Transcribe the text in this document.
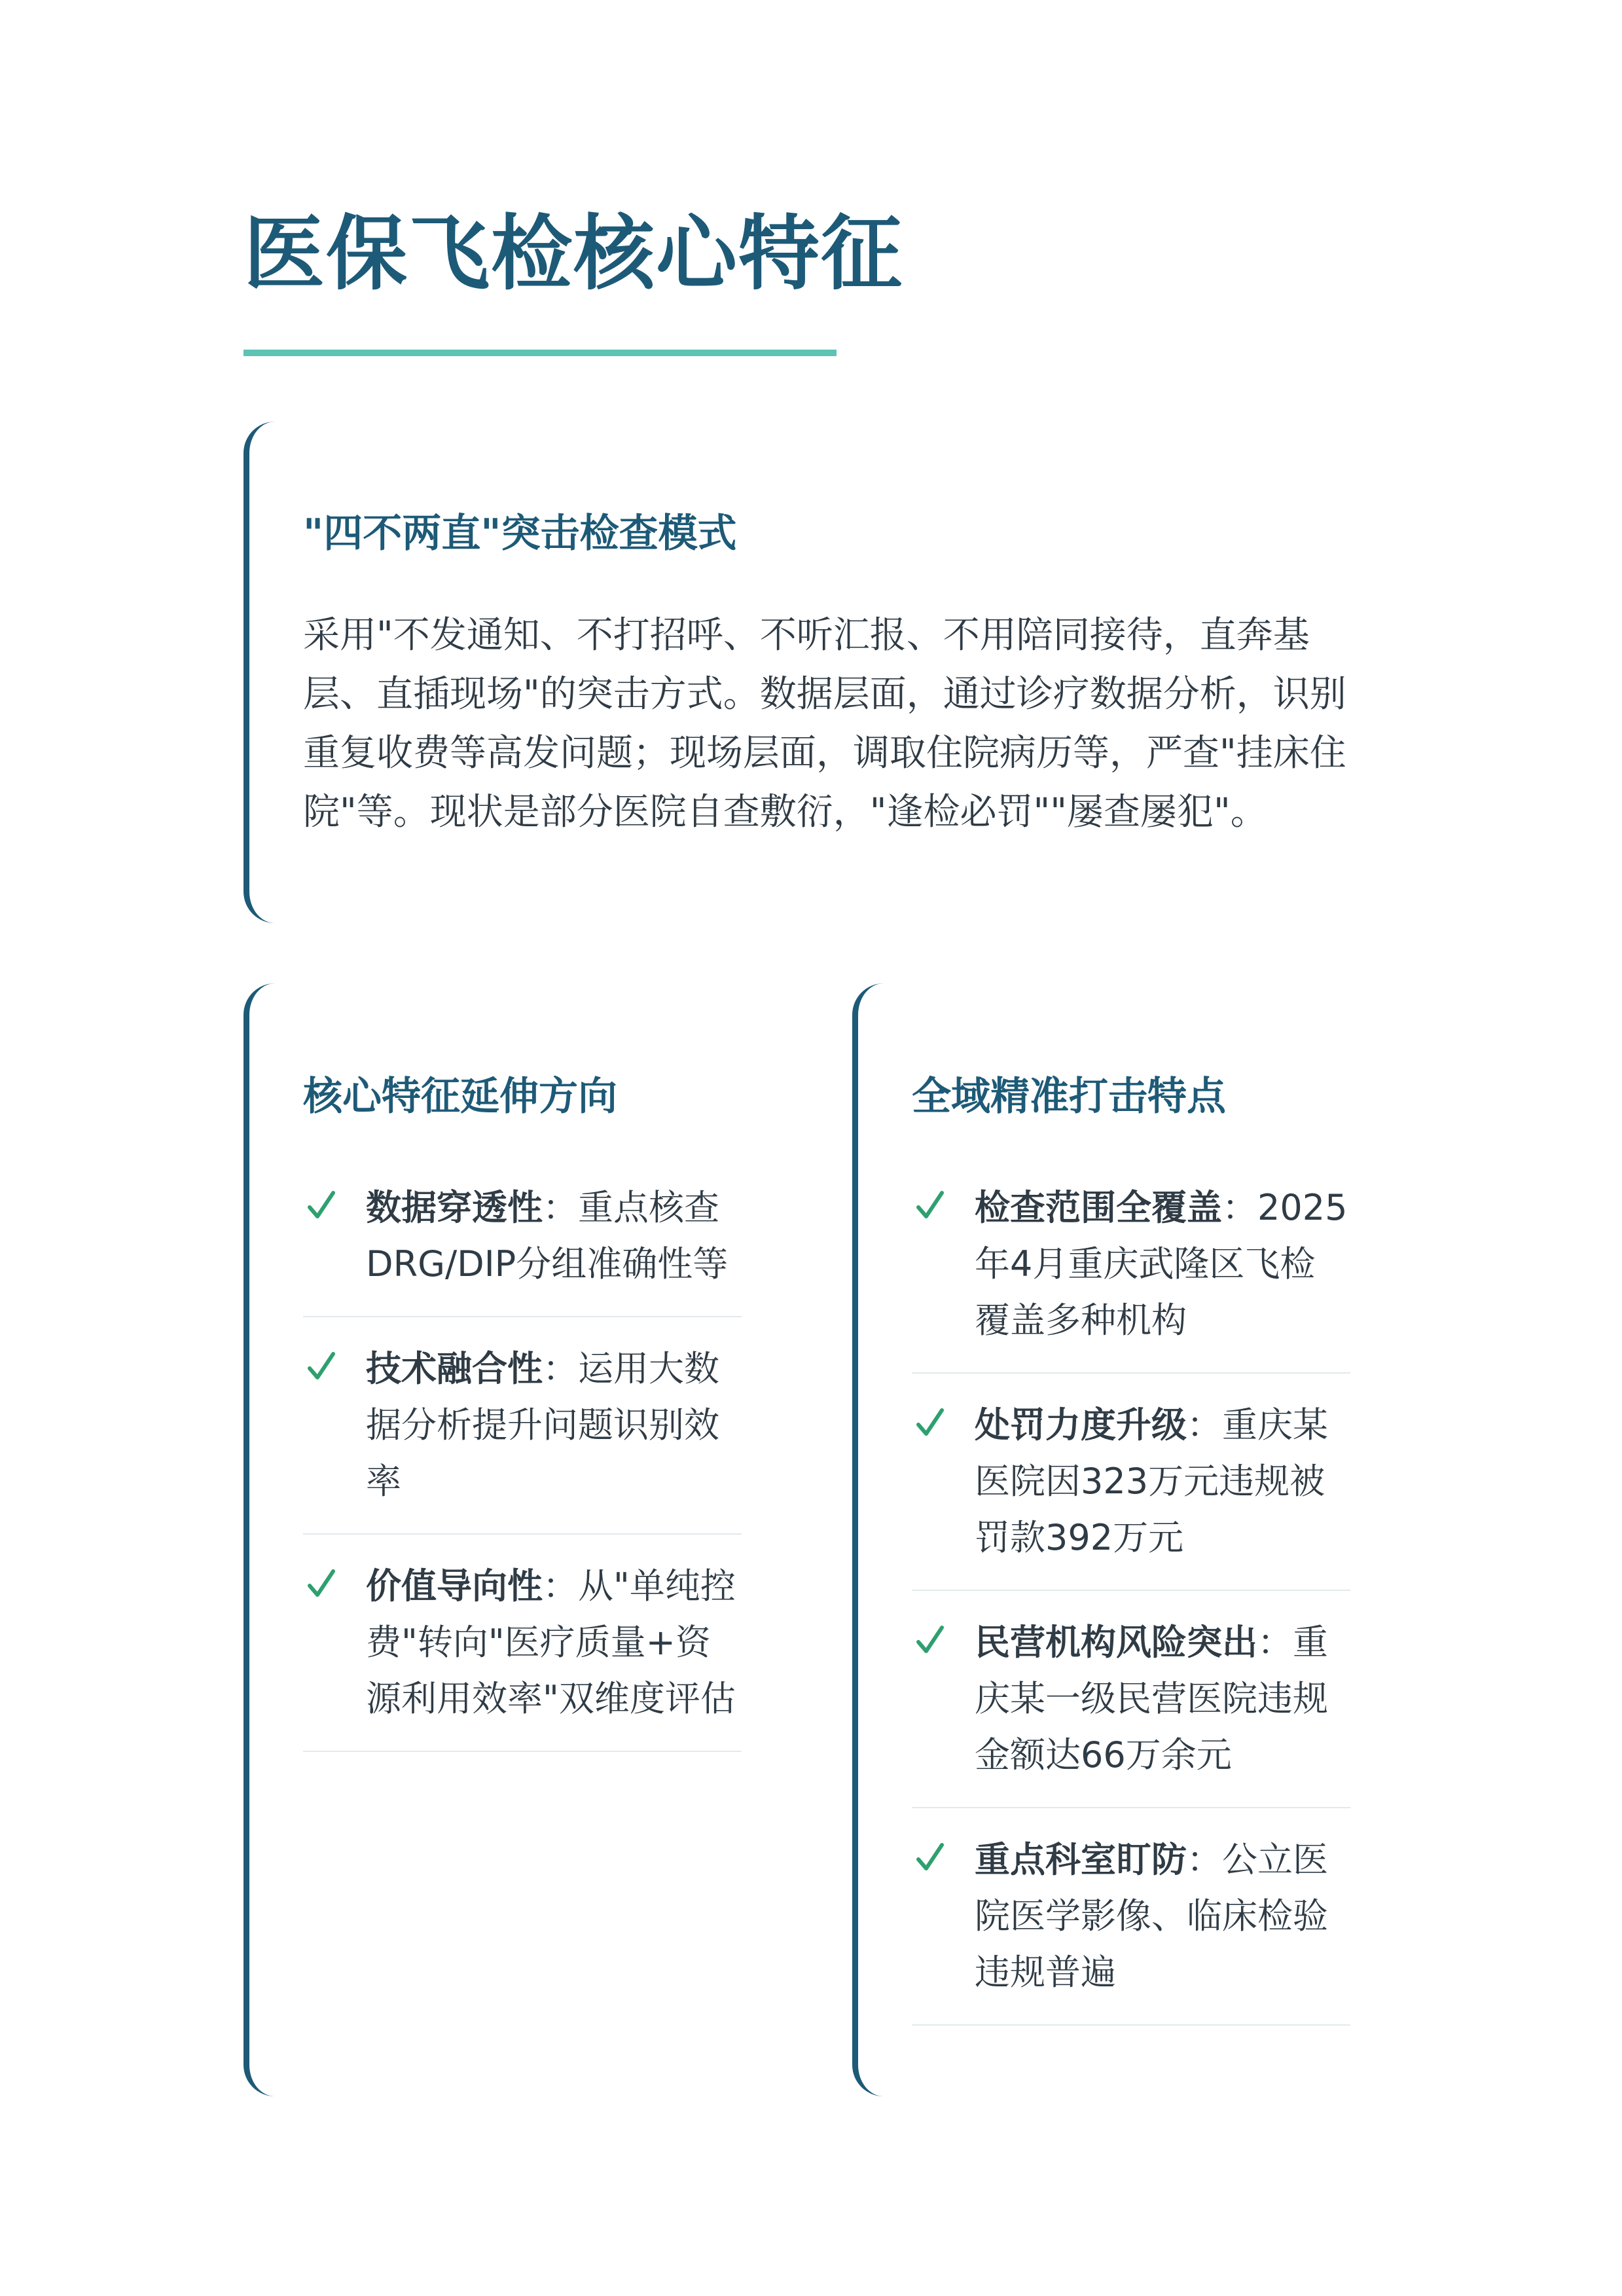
医保飞检核心特征
"四不两直"突击检查模式

采用"不发通知、不打招呼、不听汇报、不用陪同接待，直奔基层、直插现场"的突击方式。数据层面，通过诊疗数据分析，识别重复收费等高发问题；现场层面，调取住院病历等，严查"挂床住院"等。现状是部分医院自查敷衍，"逢检必罚""屡查屡犯"。

核心特征延伸方向
数据穿透性：重点核查DRG/DIP分组准确性等
技术融合性：运用大数据分析提升问题识别效率
价值导向性：从"单纯控费"转向"医疗质量+资源利用效率"双维度评估
全域精准打击特点
检查范围全覆盖：2025年4月重庆武隆区飞检覆盖多种机构
处罚力度升级：重庆某医院因323万元违规被罚款392万元
民营机构风险突出：重庆某一级民营医院违规金额达66万余元
重点科室盯防：公立医院医学影像、临床检验违规普遍
